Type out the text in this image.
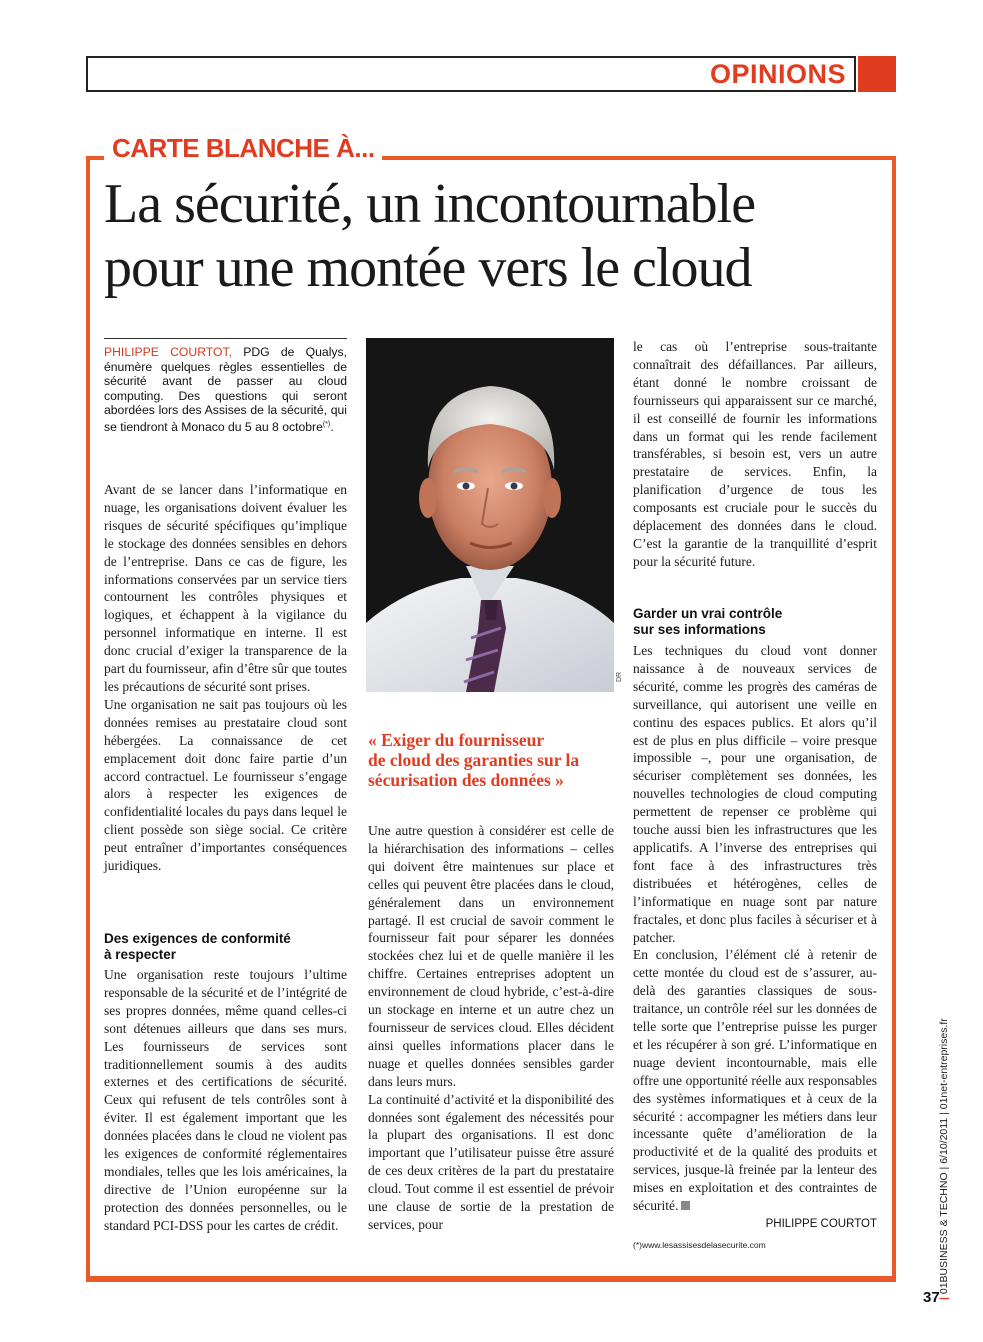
OPINIONS
CARTE BLANCHE À...
La sécurité, un incontournable
pour une montée vers le cloud

PHILIPPE COURTOT, PDG de Qualys, énumère quelques règles essentielles de sécurité avant de passer au cloud computing. Des questions qui seront abordées lors des Assises de la sécurité, qui se tiendront à Monaco du 5 au 8 octobre(*).

DR

Avant de se lancer dans l’informatique en nuage, les organisations doivent évaluer les risques de sécurité spécifiques qu’implique le stockage des données sensibles en dehors de l’entreprise. Dans ce cas de figure, les informations conservées par un service tiers contournent les contrôles physiques et logiques, et échappent à la vigilance du personnel informatique en interne. Il est donc crucial d’exiger la transparence de la part du fournisseur, afin d’être sûr que toutes les précautions de sécurité sont prises.

Une organisation ne sait pas toujours où les données remises au prestataire cloud sont hébergées. La connaissance de cet emplacement doit donc faire partie d’un accord contractuel. Le fournisseur s’engage alors à respecter les exigences de confidentialité locales du pays dans lequel le client possède son siège social. Ce critère peut entraîner d’importantes conséquences juridiques.

Des exigences de conformité
à respecter

Une organisation reste toujours l’ultime responsable de la sécurité et de l’intégrité de ses propres données, même quand celles-ci sont détenues ailleurs que dans ses murs. Les fournisseurs de services sont traditionnellement soumis à des audits externes et des certifications de sécurité. Ceux qui refusent de tels contrôles sont à éviter. Il est également important que les données placées dans le cloud ne violent pas les exigences de conformité réglementaires mondiales, telles que les lois américaines, la directive de l’Union européenne sur la protection des données personnelles, ou le standard PCI-DSS pour les cartes de crédit.

« Exiger du fournisseur
de cloud des garanties sur la
sécurisation des données »

Une autre question à considérer est celle de la hiérarchisation des informations – celles qui doivent être maintenues sur place et celles qui peuvent être placées dans le cloud, généralement dans un environnement partagé. Il est crucial de savoir comment le fournisseur fait pour séparer les données stockées chez lui et de quelle manière il les chiffre. Certaines entreprises adoptent un environnement de cloud hybride, c’est-à-dire un stockage en interne et un autre chez un fournisseur de services cloud. Elles décident ainsi quelles informations placer dans le nuage et quelles données sensibles garder dans leurs murs.

La continuité d’activité et la disponibilité des données sont également des nécessités pour la plupart des organisations. Il est donc important que l’utilisateur puisse être assuré de ces deux critères de la part du prestataire cloud. Tout comme il est essentiel de prévoir une clause de sortie de la prestation de services, pour

le cas où l’entreprise sous-traitante connaîtrait des défaillances. Par ailleurs, étant donné le nombre croissant de fournisseurs qui apparaissent sur ce marché, il est conseillé de fournir les informations dans un format qui les rende facilement transférables, si besoin est, vers un autre prestataire de services. Enfin, la planification d’urgence de tous les composants est cruciale pour le succès du déplacement des données dans le cloud. C’est la garantie de la tranquillité d’esprit pour la sécurité future.

Garder un vrai contrôle
sur ses informations

Les techniques du cloud vont donner naissance à de nouveaux services de sécurité, comme les progrès des caméras de surveillance, qui autorisent une veille en continu des espaces publics. Et alors qu’il est de plus en plus difficile – voire presque impossible –, pour une organisation, de sécuriser complètement ses données, les nouvelles technologies de cloud computing permettent de repenser ce problème qui touche aussi bien les infrastructures que les applicatifs. A l’inverse des entreprises qui font face à des infrastructures très distribuées et hétérogènes, celles de l’informatique en nuage sont par nature fractales, et donc plus faciles à sécuriser et à patcher.

En conclusion, l’élément clé à retenir de cette montée du cloud est de s’assurer, au-delà des garanties classiques de sous-traitance, un contrôle réel sur les données de telle sorte que l’entreprise puisse les purger et les récupérer à son gré. L’informatique en nuage devient incontournable, mais elle offre une opportunité réelle aux responsables des systèmes informatiques et à ceux de la sécurité : accompagner les métiers dans leur incessante quête d’amélioration de la productivité et de la qualité des produits et services, jusque-là freinée par la lenteur des mises en exploitation et des contraintes de sécurité.

PHILIPPE COURTOT
(*)www.lesassisesdelasecurite.com
| 01BUSINESS & TECHNO | 6/10/2011 | 01net-entreprises.fr
37
